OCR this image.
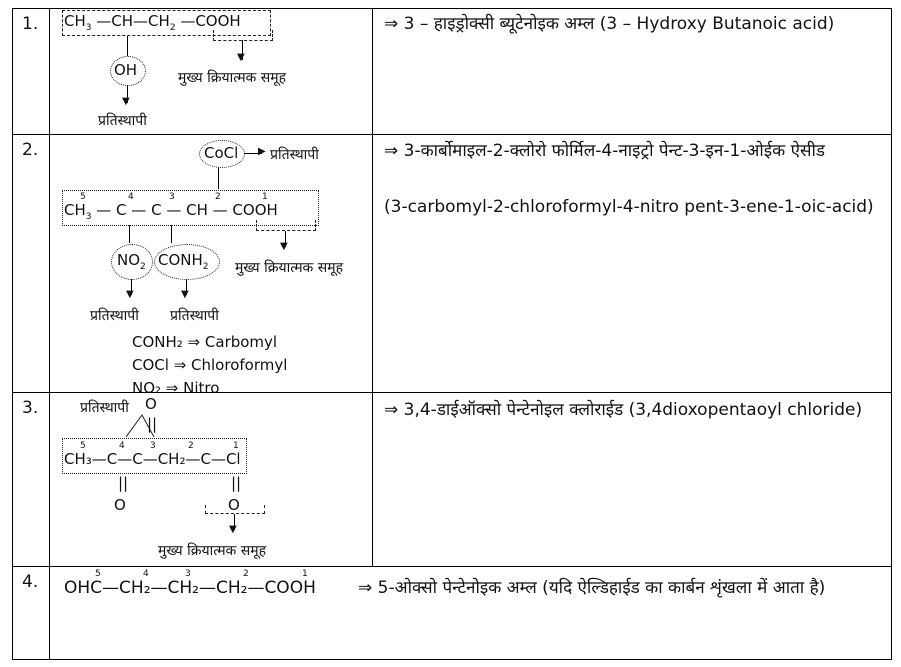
1. $CH_3$ $—CH—CH_2$ —COOH
▼
मुख्य क्रियात्मक समूह
OH
▼
प्रतिस्थापी
⇒ 3 – हाइड्रोक्सी ब्यूटेनोइक अम्ल (3 – Hydroxy Butanoic acid)
2.	CoCl ▶ प्रतिस्थापी
5	4	3	2	1
$CH_3$ — C — C — CH — COOH
▼
मुख्य क्रियात्मक समूह
$NO_2$ $CONH_2$
▼	▼
प्रतिस्थापी प्रतिस्थापी
CONH₂ ⇒ Carbomyl
COCl ⇒ Chloroformyl
NO₂ ⇒ Nitro
⇒ 3-कार्बोमाइल-2-क्लोरो फोर्मिल-4-नाइट्रो पेन्ट-3-इन-1-ओईक ऐसीड
(3-carbomyl-2-chloroformyl-4-nitro pent-3-ene-1-oic-acid)
3.	प्रतिस्थापी O
||
5	4	3	2	1
CH₃—C—C—CH₂—C—Cl
||	||
O	O
▼
मुख्य क्रियात्मक समूह
⇒ 3,4-डाईऑक्सो पेन्टेनोइल क्लोराईड (3,4dioxopentaoyl chloride)
4.	5	4	3	2	1
OHC—CH₂—CH₂—CH₂—COOH ⇒ 5-ओक्सो पेन्टेनोइक अम्ल (यदि ऐल्डिहाईड का कार्बन शृंखला में आता है)
